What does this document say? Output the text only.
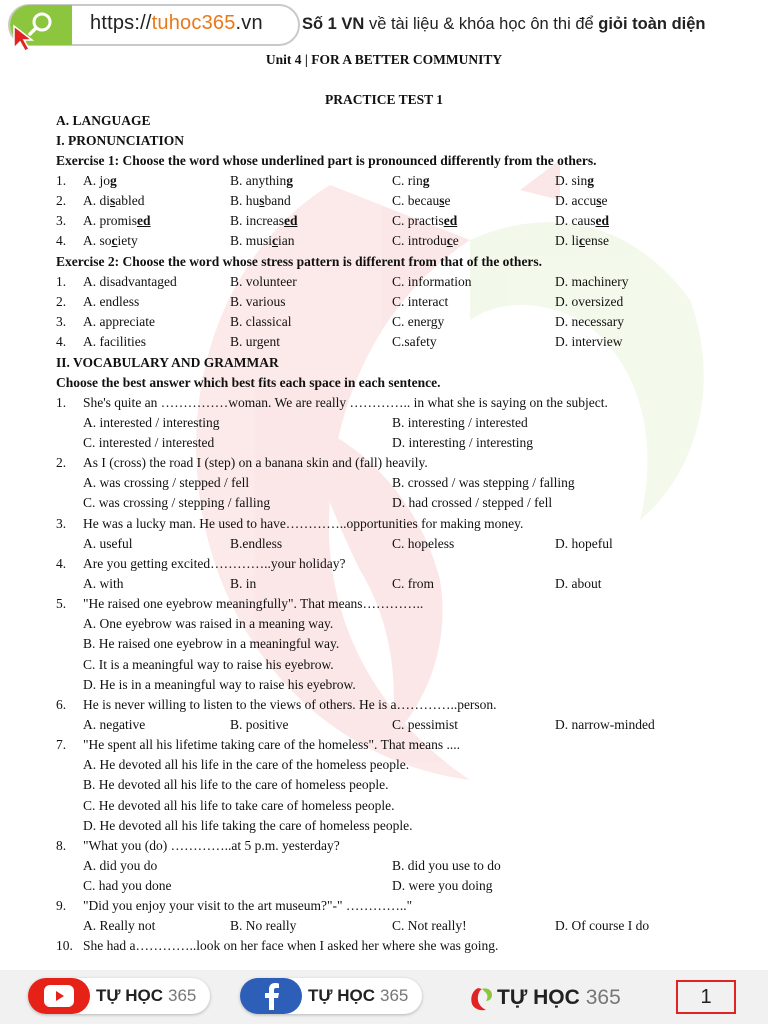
https://tuhoc365.vn Số 1 VN về tài liệu & khóa học ôn thi để giỏi toàn diện
Unit 4 | FOR A BETTER COMMUNITY
PRACTICE TEST 1
A. LANGUAGE
I. PRONUNCIATION
Exercise 1: Choose the word whose underlined part is pronounced differently from the others.
1. A. jog	B. anything	C. ring	D. sing
2. A. disabled	B. husband	C. because	D. accuse
3. A. promised	B. increased	C. practised	D. caused
4. A. society	B. musician	C. introduce	D. license
Exercise 2: Choose the word whose stress pattern is different from that of the others.
1. A. disadvantaged	B. volunteer	C. information	D. machinery
2. A. endless	B. various	C. interact	D. oversized
3. A. appreciate	B. classical	C. energy	D. necessary
4. A. facilities	B. urgent	C.safety	D. interview
II. VOCABULARY AND GRAMMAR
Choose the best answer which best fits each space in each sentence.
1. She's quite an ……………woman. We are really ………….. in what she is saying on the subject.
A. interested / interesting	B. interesting / interested
C. interested / interested	D. interesting / interesting
2. As I (cross) the road I (step) on a banana skin and (fall) heavily.
A. was crossing / stepped / fell	B. crossed / was stepping / falling
C. was crossing / stepping / falling	D. had crossed / stepped / fell
3. He was a lucky man. He used to have…………..opportunities for making money.
A. useful	B.endless	C. hopeless	D. hopeful
4. Are you getting excited…………..your holiday?
A. with	B. in	C. from	D. about
5. "He raised one eyebrow meaningfully". That means…………..
A. One eyebrow was raised in a meaning way.
B. He raised one eyebrow in a meaningful way.
C. It is a meaningful way to raise his eyebrow.
D. He is in a meaningful way to raise his eyebrow.
6. He is never willing to listen to the views of others. He is a…………..person.
A. negative	B. positive	C. pessimist	D. narrow-minded
7. "He spent all his lifetime taking care of the homeless". That means ....
A. He devoted all his life in the care of the homeless people.
B. He devoted all his life to the care of homeless people.
C. He devoted all his life to take care of homeless people.
D. He devoted all his life taking the care of homeless people.
8. "What you (do) …………..at 5 p.m. yesterday?
A. did you do	B. did you use to do
C. had you done	D. were you doing
9. "Did you enjoy your visit to the art museum?"-" ………….."
A. Really not	B. No really	C. Not really!	D. Of course I do
10. She had a…………..look on her face when I asked her where she was going.
TỰ HỌC 365	TỰ HỌC 365	TỰ HỌC 365	1
